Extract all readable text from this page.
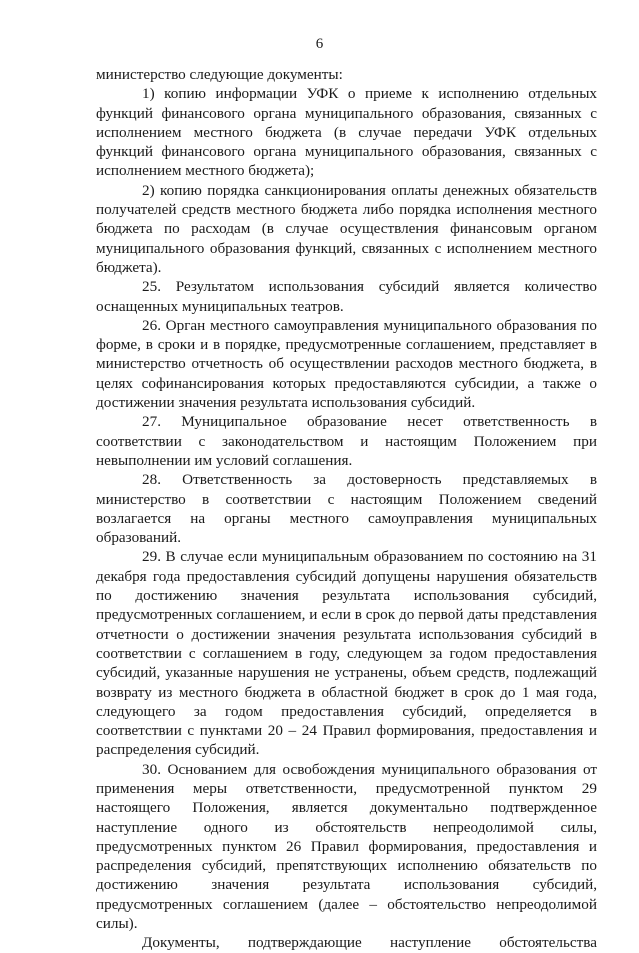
6

министерство следующие документы:

1) копию информации УФК о приеме к исполнению отдельных функций финансового органа муниципального образования, связанных с исполнением местного бюджета (в случае передачи УФК отдельных функций финансового органа муниципального образования, связанных с исполнением местного бюджета);

2) копию порядка санкционирования оплаты денежных обязательств получателей средств местного бюджета либо порядка исполнения местного бюджета по расходам (в случае осуществления финансовым органом муниципального образования функций, связанных с исполнением местного бюджета).

25. Результатом использования субсидий является количество оснащенных муниципальных театров.

26. Орган местного самоуправления муниципального образования по форме, в сроки и в порядке, предусмотренные соглашением, представляет в министерство отчетность об осуществлении расходов местного бюджета, в целях софинансирования которых предоставляются субсидии, а также о достижении значения результата использования субсидий.

27. Муниципальное образование несет ответственность в соответствии с законодательством и настоящим Положением при невыполнении им условий соглашения.

28. Ответственность за достоверность представляемых в министерство в соответствии с настоящим Положением сведений возлагается на органы местного самоуправления муниципальных образований.

29. В случае если муниципальным образованием по состоянию на 31 декабря года предоставления субсидий допущены нарушения обязательств по достижению значения результата использования субсидий, предусмотренных соглашением, и если в срок до первой даты представления отчетности о достижении значения результата использования субсидий в соответствии с соглашением в году, следующем за годом предоставления субсидий, указанные нарушения не устранены, объем средств, подлежащий возврату из местного бюджета в областной бюджет в срок до 1 мая года, следующего за годом предоставления субсидий, определяется в соответствии с пунктами 20 – 24 Правил формирования, предоставления и распределения субсидий.

30. Основанием для освобождения муниципального образования от применения меры ответственности, предусмотренной пунктом 29 настоящего Положения, является документально подтвержденное наступление одного из обстоятельств непреодолимой силы, предусмотренных пунктом 26 Правил формирования, предоставления и распределения субсидий, препятствующих исполнению обязательств по достижению значения результата использования субсидий, предусмотренных соглашением (далее – обстоятельство непреодолимой силы).

Документы, подтверждающие наступление обстоятельства
